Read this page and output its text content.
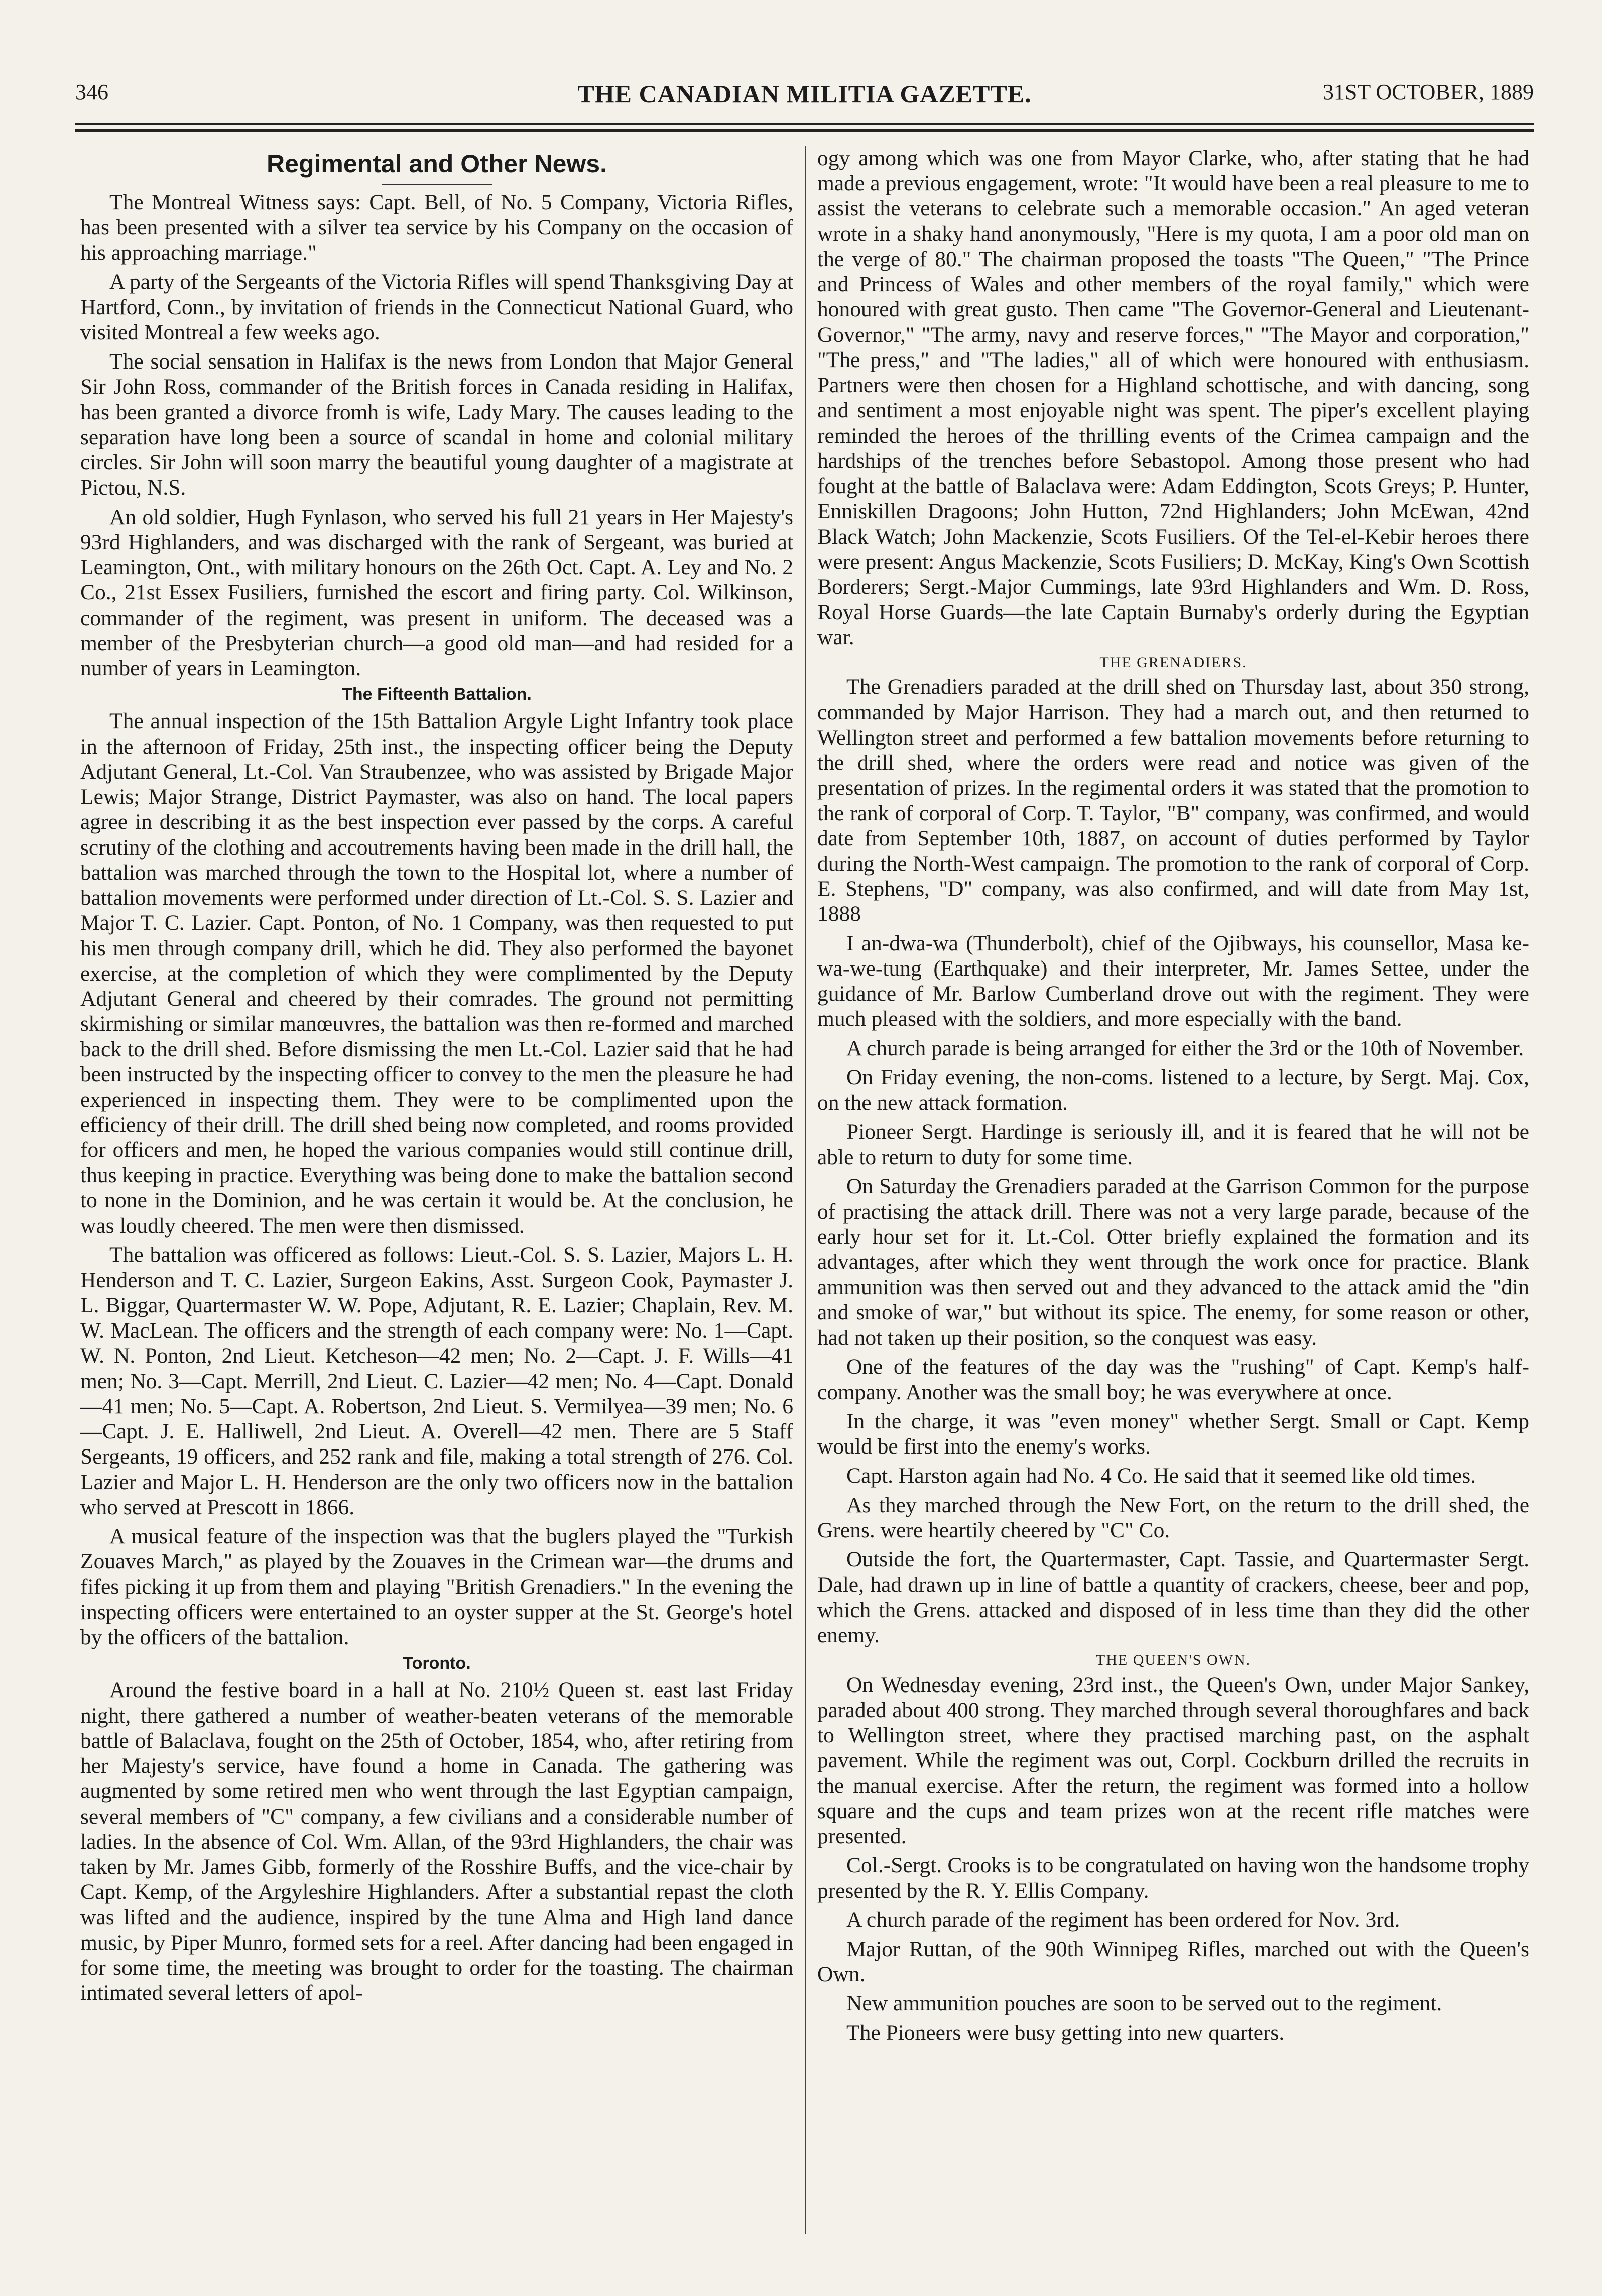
346	THE CANADIAN MILITIA GAZETTE.	31ST OCTOBER, 1889
Regimental and Other News.

The Montreal Witness says: Capt. Bell, of No. 5 Company, Victoria Rifles, has been presented with a silver tea service by his Company on the occasion of his approaching marriage."

A party of the Sergeants of the Victoria Rifles will spend Thanksgiving Day at Hartford, Conn., by invitation of friends in the Connecticut National Guard, who visited Montreal a few weeks ago.

The social sensation in Halifax is the news from London that Major General Sir John Ross, commander of the British forces in Canada residing in Halifax, has been granted a divorce fromh is wife, Lady Mary. The causes leading to the separation have long been a source of scandal in home and colonial military circles. Sir John will soon marry the beautiful young daughter of a magistrate at Pictou, N.S.

An old soldier, Hugh Fynlason, who served his full 21 years in Her Majesty's 93rd Highlanders, and was discharged with the rank of Sergeant, was buried at Leamington, Ont., with military honours on the 26th Oct. Capt. A. Ley and No. 2 Co., 21st Essex Fusiliers, furnished the escort and firing party. Col. Wilkinson, commander of the regiment, was present in uniform. The deceased was a member of the Presbyterian church—a good old man—and had resided for a number of years in Leamington.

The Fifteenth Battalion.

The annual inspection of the 15th Battalion Argyle Light Infantry took place in the afternoon of Friday, 25th inst., the inspecting officer being the Deputy Adjutant General, Lt.-Col. Van Straubenzee, who was assisted by Brigade Major Lewis; Major Strange, District Paymaster, was also on hand. The local papers agree in describing it as the best inspection ever passed by the corps. A careful scrutiny of the clothing and accoutrements having been made in the drill hall, the battalion was marched through the town to the Hospital lot, where a number of battalion movements were performed under direction of Lt.-Col. S. S. Lazier and Major T. C. Lazier. Capt. Ponton, of No. 1 Company, was then requested to put his men through company drill, which he did. They also performed the bayonet exercise, at the completion of which they were complimented by the Deputy Adjutant General and cheered by their comrades. The ground not permitting skirmishing or similar manœuvres, the battalion was then re-formed and marched back to the drill shed. Before dismissing the men Lt.-Col. Lazier said that he had been instructed by the inspecting officer to convey to the men the pleasure he had experienced in inspecting them. They were to be complimented upon the efficiency of their drill. The drill shed being now completed, and rooms provided for officers and men, he hoped the various companies would still continue drill, thus keeping in practice. Everything was being done to make the battalion second to none in the Dominion, and he was certain it would be. At the conclusion, he was loudly cheered. The men were then dismissed.

The battalion was officered as follows: Lieut.-Col. S. S. Lazier, Majors L. H. Henderson and T. C. Lazier, Surgeon Eakins, Asst. Surgeon Cook, Paymaster J. L. Biggar, Quartermaster W. W. Pope, Adjutant, R. E. Lazier; Chaplain, Rev. M. W. MacLean. The officers and the strength of each company were: No. 1—Capt. W. N. Ponton, 2nd Lieut. Ketcheson—42 men; No. 2—Capt. J. F. Wills—41 men; No. 3—Capt. Merrill, 2nd Lieut. C. Lazier—42 men; No. 4—Capt. Donald—41 men; No. 5—Capt. A. Robertson, 2nd Lieut. S. Vermilyea—39 men; No. 6—Capt. J. E. Halliwell, 2nd Lieut. A. Overell—42 men. There are 5 Staff Sergeants, 19 officers, and 252 rank and file, making a total strength of 276. Col. Lazier and Major L. H. Henderson are the only two officers now in the battalion who served at Prescott in 1866.

A musical feature of the inspection was that the buglers played the "Turkish Zouaves March," as played by the Zouaves in the Crimean war—the drums and fifes picking it up from them and playing "British Grenadiers." In the evening the inspecting officers were entertained to an oyster supper at the St. George's hotel by the officers of the battalion.

Toronto.

Around the festive board in a hall at No. 210½ Queen st. east last Friday night, there gathered a number of weather-beaten veterans of the memorable battle of Balaclava, fought on the 25th of October, 1854, who, after retiring from her Majesty's service, have found a home in Canada. The gathering was augmented by some retired men who went through the last Egyptian campaign, several members of "C" company, a few civilians and a considerable number of ladies. In the absence of Col. Wm. Allan, of the 93rd Highlanders, the chair was taken by Mr. James Gibb, formerly of the Rosshire Buffs, and the vice-chair by Capt. Kemp, of the Argyleshire Highlanders. After a substantial repast the cloth was lifted and the audience, inspired by the tune Alma and High land dance music, by Piper Munro, formed sets for a reel. After dancing had been engaged in for some time, the meeting was brought to order for the toasting. The chairman intimated several letters of apol-

ogy among which was one from Mayor Clarke, who, after stating that he had made a previous engagement, wrote: "It would have been a real pleasure to me to assist the veterans to celebrate such a memorable occasion." An aged veteran wrote in a shaky hand anonymously, "Here is my quota, I am a poor old man on the verge of 80." The chairman proposed the toasts "The Queen," "The Prince and Princess of Wales and other members of the royal family," which were honoured with great gusto. Then came "The Governor-General and Lieutenant-Governor," "The army, navy and reserve forces," "The Mayor and corporation," "The press," and "The ladies," all of which were honoured with enthusiasm. Partners were then chosen for a Highland schottische, and with dancing, song and sentiment a most enjoyable night was spent. The piper's excellent playing reminded the heroes of the thrilling events of the Crimea campaign and the hardships of the trenches before Sebastopol. Among those present who had fought at the battle of Balaclava were: Adam Eddington, Scots Greys; P. Hunter, Enniskillen Dragoons; John Hutton, 72nd Highlanders; John McEwan, 42nd Black Watch; John Mackenzie, Scots Fusiliers. Of the Tel-el-Kebir heroes there were present: Angus Mackenzie, Scots Fusiliers; D. McKay, King's Own Scottish Borderers; Sergt.-Major Cummings, late 93rd Highlanders and Wm. D. Ross, Royal Horse Guards—the late Captain Burnaby's orderly during the Egyptian war.

THE GRENADIERS.

The Grenadiers paraded at the drill shed on Thursday last, about 350 strong, commanded by Major Harrison. They had a march out, and then returned to Wellington street and performed a few battalion movements before returning to the drill shed, where the orders were read and notice was given of the presentation of prizes. In the regimental orders it was stated that the promotion to the rank of corporal of Corp. T. Taylor, "B" company, was confirmed, and would date from September 10th, 1887, on account of duties performed by Taylor during the North-West campaign. The promotion to the rank of corporal of Corp. E. Stephens, "D" company, was also confirmed, and will date from May 1st, 1888

I an-dwa-wa (Thunderbolt), chief of the Ojibways, his counsellor, Masa ke-wa-we-tung (Earthquake) and their interpreter, Mr. James Settee, under the guidance of Mr. Barlow Cumberland drove out with the regiment. They were much pleased with the soldiers, and more especially with the band.

A church parade is being arranged for either the 3rd or the 10th of November.

On Friday evening, the non-coms. listened to a lecture, by Sergt. Maj. Cox, on the new attack formation.

Pioneer Sergt. Hardinge is seriously ill, and it is feared that he will not be able to return to duty for some time.

On Saturday the Grenadiers paraded at the Garrison Common for the purpose of practising the attack drill. There was not a very large parade, because of the early hour set for it. Lt.-Col. Otter briefly explained the formation and its advantages, after which they went through the work once for practice. Blank ammunition was then served out and they advanced to the attack amid the "din and smoke of war," but without its spice. The enemy, for some reason or other, had not taken up their position, so the conquest was easy.

One of the features of the day was the "rushing" of Capt. Kemp's half-company. Another was the small boy; he was everywhere at once.

In the charge, it was "even money" whether Sergt. Small or Capt. Kemp would be first into the enemy's works.

Capt. Harston again had No. 4 Co. He said that it seemed like old times.

As they marched through the New Fort, on the return to the drill shed, the Grens. were heartily cheered by "C" Co.

Outside the fort, the Quartermaster, Capt. Tassie, and Quartermaster Sergt. Dale, had drawn up in line of battle a quantity of crackers, cheese, beer and pop, which the Grens. attacked and disposed of in less time than they did the other enemy.

THE QUEEN'S OWN.

On Wednesday evening, 23rd inst., the Queen's Own, under Major Sankey, paraded about 400 strong. They marched through several thoroughfares and back to Wellington street, where they practised marching past, on the asphalt pavement. While the regiment was out, Corpl. Cockburn drilled the recruits in the manual exercise. After the return, the regiment was formed into a hollow square and the cups and team prizes won at the recent rifle matches were presented.

Col.-Sergt. Crooks is to be congratulated on having won the handsome trophy presented by the R. Y. Ellis Company.

A church parade of the regiment has been ordered for Nov. 3rd.

Major Ruttan, of the 90th Winnipeg Rifles, marched out with the Queen's Own.

New ammunition pouches are soon to be served out to the regiment.

The Pioneers were busy getting into new quarters.
